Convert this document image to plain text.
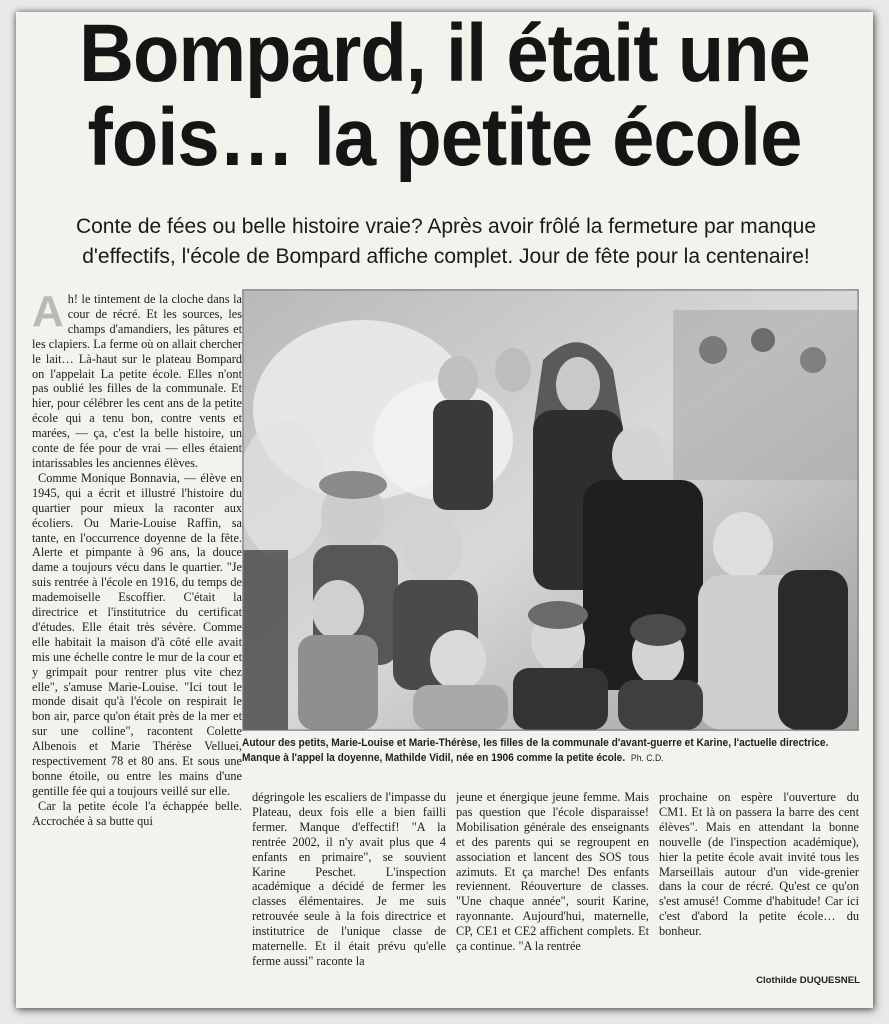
Bompard, il était une
fois… la petite école
Conte de fées ou belle histoire vraie? Après avoir frôlé la fermeture par manque d'effectifs, l'école de Bompard affiche complet. Jour de fête pour la centenaire!
A h! le tintement de la cloche dans la cour de récré. Et les sources, les champs d'amandiers, les pâtures et les clapiers. La ferme où on allait chercher le lait… Là-haut sur le plateau Bompard on l'appelait La petite école. Elles n'ont pas oublié les filles de la communale. Et hier, pour célébrer les cent ans de la petite école qui a tenu bon, contre vents et marées, — ça, c'est la belle histoire, un conte de fée pour de vrai — elles étaient intarissables les anciennes élèves.

Comme Monique Bonnavia, — élève en 1945, qui a écrit et illustré l'histoire du quartier pour mieux la raconter aux écoliers. Ou Marie-Louise Raffin, sa tante, en l'occurrence doyenne de la fête. Alerte et pimpante à 96 ans, la douce dame a toujours vécu dans le quartier. "Je suis rentrée à l'école en 1916, du temps de mademoiselle Escoffier. C'était la directrice et l'institutrice du certificat d'études. Elle était très sévère. Comme elle habitait la maison d'à côté elle avait mis une échelle contre le mur de la cour et y grimpait pour rentrer plus vite chez elle", s'amuse Marie-Louise. "Ici tout le monde disait qu'à l'école on respirait le bon air, parce qu'on était près de la mer et sur une colline", racontent Colette Albenois et Marie Thérèse Velluei, respectivement 78 et 80 ans. Et sous une bonne étoile, ou entre les mains d'une gentille fée qui a toujours veillé sur elle.

Car la petite école l'a échappée belle. Accrochée à sa butte qui

Autour des petits, Marie-Louise et Marie-Thérèse, les filles de la communale d'avant-guerre et Karine, l'actuelle directrice. Manque à l'appel la doyenne, Mathilde Vidil, née en 1906 comme la petite école. Ph. C.D.

dégringole les escaliers de l'impasse du Plateau, deux fois elle a bien failli fermer. Manque d'effectif! "A la rentrée 2002, il n'y avait plus que 4 enfants en primaire", se souvient Karine Peschet. L'inspection académique a décidé de fermer les classes élémentaires. Je me suis retrouvée seule à la fois directrice et institutrice de l'unique classe de maternelle. Et il était prévu qu'elle ferme aussi" raconte la

jeune et énergique jeune femme. Mais pas question que l'école disparaisse! Mobilisation générale des enseignants et des parents qui se regroupent en association et lancent des SOS tous azimuts. Et ça marche! Des enfants reviennent. Réouverture de classes. "Une chaque année", sourit Karine, rayonnante. Aujourd'hui, maternelle, CP, CE1 et CE2 affichent complets. Et ça continue. "A la rentrée

prochaine on espère l'ouverture du CM1. Et là on passera la barre des cent élèves". Mais en attendant la bonne nouvelle (de l'inspection académique), hier la petite école avait invité tous les Marseillais autour d'un vide-grenier dans la cour de récré. Qu'est ce qu'on s'est amusé! Comme d'habitude! Car ici c'est d'abord la petite école… du bonheur.

Clothilde DUQUESNEL
